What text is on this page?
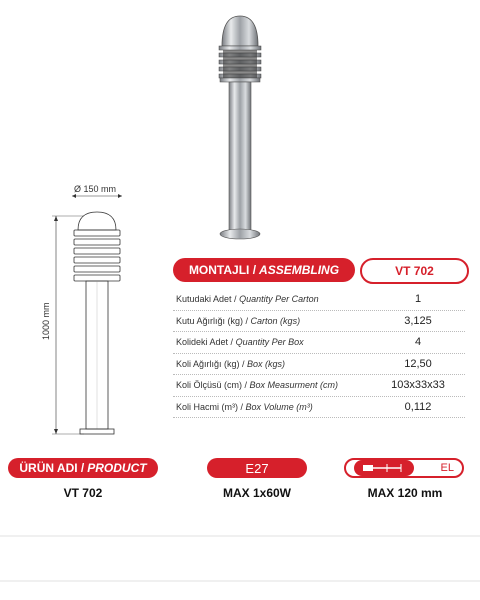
Ø 150 mm
1000 mm
MONTAJLI / ASSEMBLING	VT 702
Kutudaki Adet / Quantity Per Carton	1
Kutu Ağırlığı (kg) / Carton (kgs)	3,125
Kolideki Adet / Quantity Per Box	4
Koli Ağırlığı (kg) / Box (kgs)	12,50
Koli Ölçüsü (cm) / Box Measurment (cm)	103x33x33
Koli Hacmi (m³) / Box Volume (m³)	0,112
ÜRÜN ADI / PRODUCT	E27	EL
VT 702	MAX 1x60W	MAX 120 mm
